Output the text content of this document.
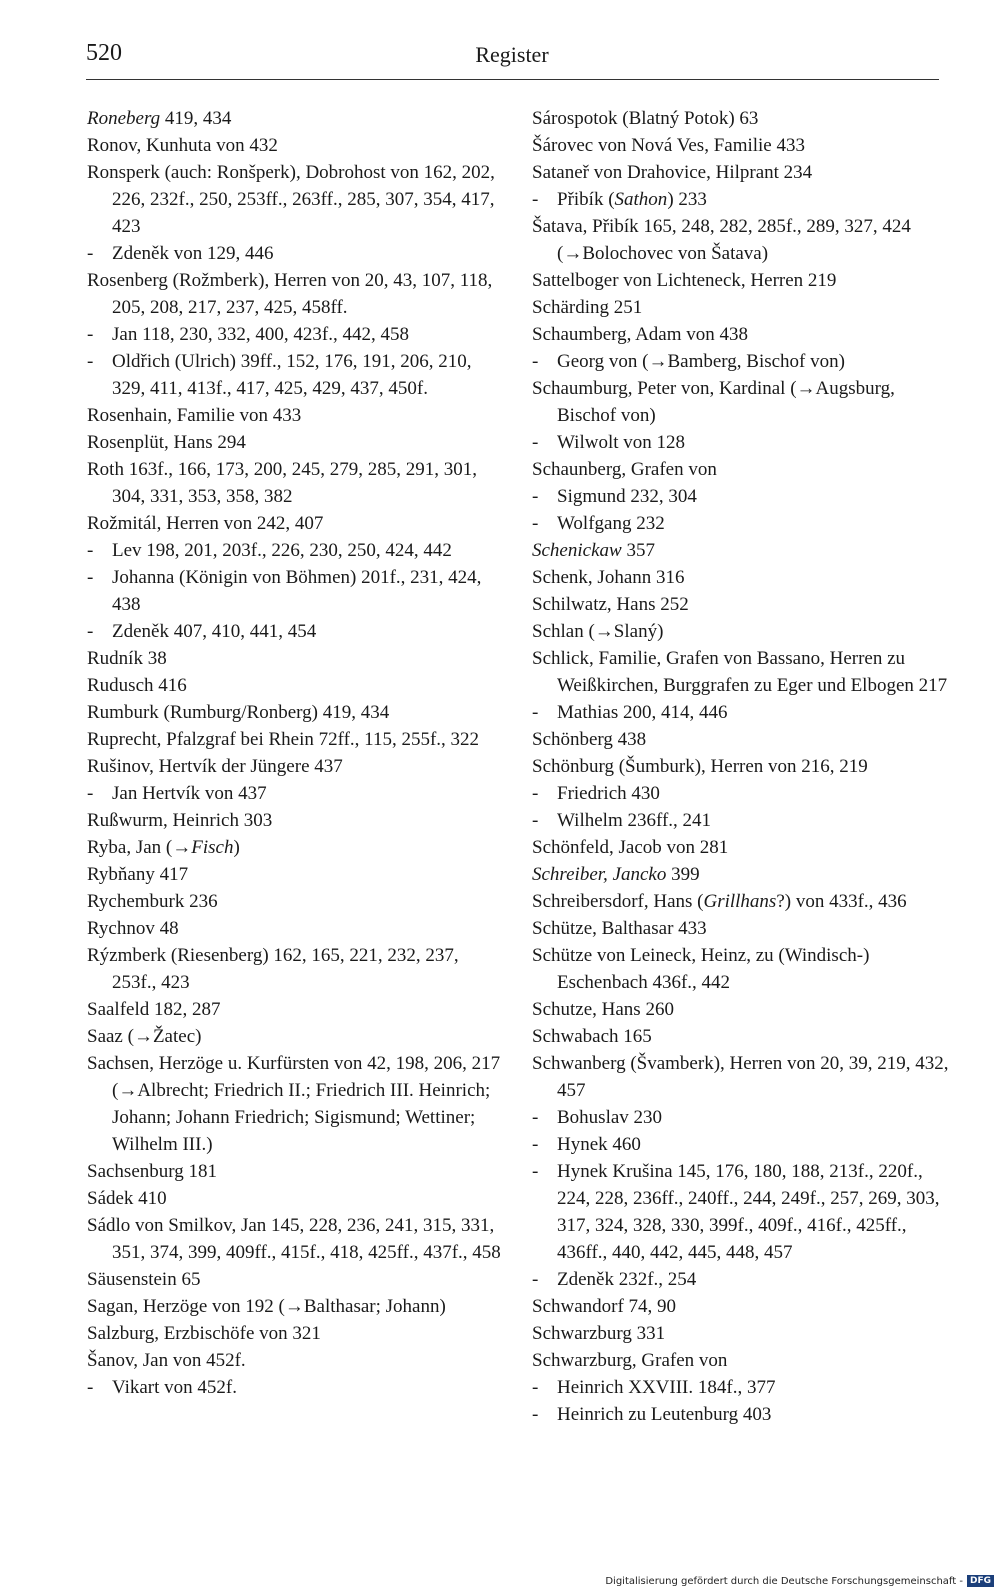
520	Register
Roneberg 419, 434
Ronov, Kunhuta von 432
Ronsperk (auch: Ronšperk), Dobrohost von 162, 202, 226, 232f., 250, 253ff., 263ff., 285, 307, 354, 417, 423
- Zdeněk von 129, 446
Rosenberg (Rožmberk), Herren von 20, 43, 107, 118, 205, 208, 217, 237, 425, 458ff.
- Jan 118, 230, 332, 400, 423f., 442, 458
- Oldřich (Ulrich) 39ff., 152, 176, 191, 206, 210, 329, 411, 413f., 417, 425, 429, 437, 450f.
Rosenhain, Familie von 433
Rosenplüt, Hans 294
Roth 163f., 166, 173, 200, 245, 279, 285, 291, 301, 304, 331, 353, 358, 382
Rožmitál, Herren von 242, 407
- Lev 198, 201, 203f., 226, 230, 250, 424, 442
- Johanna (Königin von Böhmen) 201f., 231, 424, 438
- Zdeněk 407, 410, 441, 454
Rudník 38
Rudusch 416
Rumburk (Rumburg/Ronberg) 419, 434
Ruprecht, Pfalzgraf bei Rhein 72ff., 115, 255f., 322
Rušinov, Hertvík der Jüngere 437
- Jan Hertvík von 437
Rußwurm, Heinrich 303
Ryba, Jan (→Fisch)
Rybňany 417
Rychemburk 236
Rychnov 48
Rýzmberk (Riesenberg) 162, 165, 221, 232, 237, 253f., 423
Saalfeld 182, 287
Saaz (→Žatec)
Sachsen, Herzöge u. Kurfürsten von 42, 198, 206, 217 (→Albrecht; Friedrich II.; Friedrich III. Heinrich; Johann; Johann Friedrich; Sigismund; Wettiner; Wilhelm III.)
Sachsenburg 181
Sádek 410
Sádlo von Smilkov, Jan 145, 228, 236, 241, 315, 331, 351, 374, 399, 409ff., 415f., 418, 425ff., 437f., 458
Säusenstein 65
Sagan, Herzöge von 192 (→Balthasar; Johann)
Salzburg, Erzbischöfe von 321
Šanov, Jan von 452f.
- Vikart von 452f.
Sárospotok (Blatný Potok) 63
Šárovec von Nová Ves, Familie 433
Sataneř von Drahovice, Hilprant 234
- Přibík (Sathon) 233
Šatava, Přibík 165, 248, 282, 285f., 289, 327, 424 (→Bolochovec von Šatava)
Sattelboger von Lichteneck, Herren 219
Schärding 251
Schaumberg, Adam von 438
- Georg von (→Bamberg, Bischof von)
Schaumburg, Peter von, Kardinal (→Augsburg, Bischof von)
- Wilwolt von 128
Schaunberg, Grafen von
- Sigmund 232, 304
- Wolfgang 232
Schenickaw 357
Schenk, Johann 316
Schilwatz, Hans 252
Schlan (→Slaný)
Schlick, Familie, Grafen von Bassano, Herren zu Weißkirchen, Burggrafen zu Eger und Elbogen 217
- Mathias 200, 414, 446
Schönberg 438
Schönburg (Šumburk), Herren von 216, 219
- Friedrich 430
- Wilhelm 236ff., 241
Schönfeld, Jacob von 281
Schreiber, Jancko 399
Schreibersdorf, Hans (Grillhans?) von 433f., 436
Schütze, Balthasar 433
Schütze von Leineck, Heinz, zu (Windisch-) Eschenbach 436f., 442
Schutze, Hans 260
Schwabach 165
Schwanberg (Švamberk), Herren von 20, 39, 219, 432, 457
- Bohuslav 230
- Hynek 460
- Hynek Krušina 145, 176, 180, 188, 213f., 220f., 224, 228, 236ff., 240ff., 244, 249f., 257, 269, 303, 317, 324, 328, 330, 399f., 409f., 416f., 425ff., 436ff., 440, 442, 445, 448, 457
- Zdeněk 232f., 254
Schwandorf 74, 90
Schwarzburg 331
Schwarzburg, Grafen von
- Heinrich XXVIII. 184f., 377
- Heinrich zu Leutenburg 403
Digitalisierung gefördert durch die Deutsche Forschungsgemeinschaft - DFG
